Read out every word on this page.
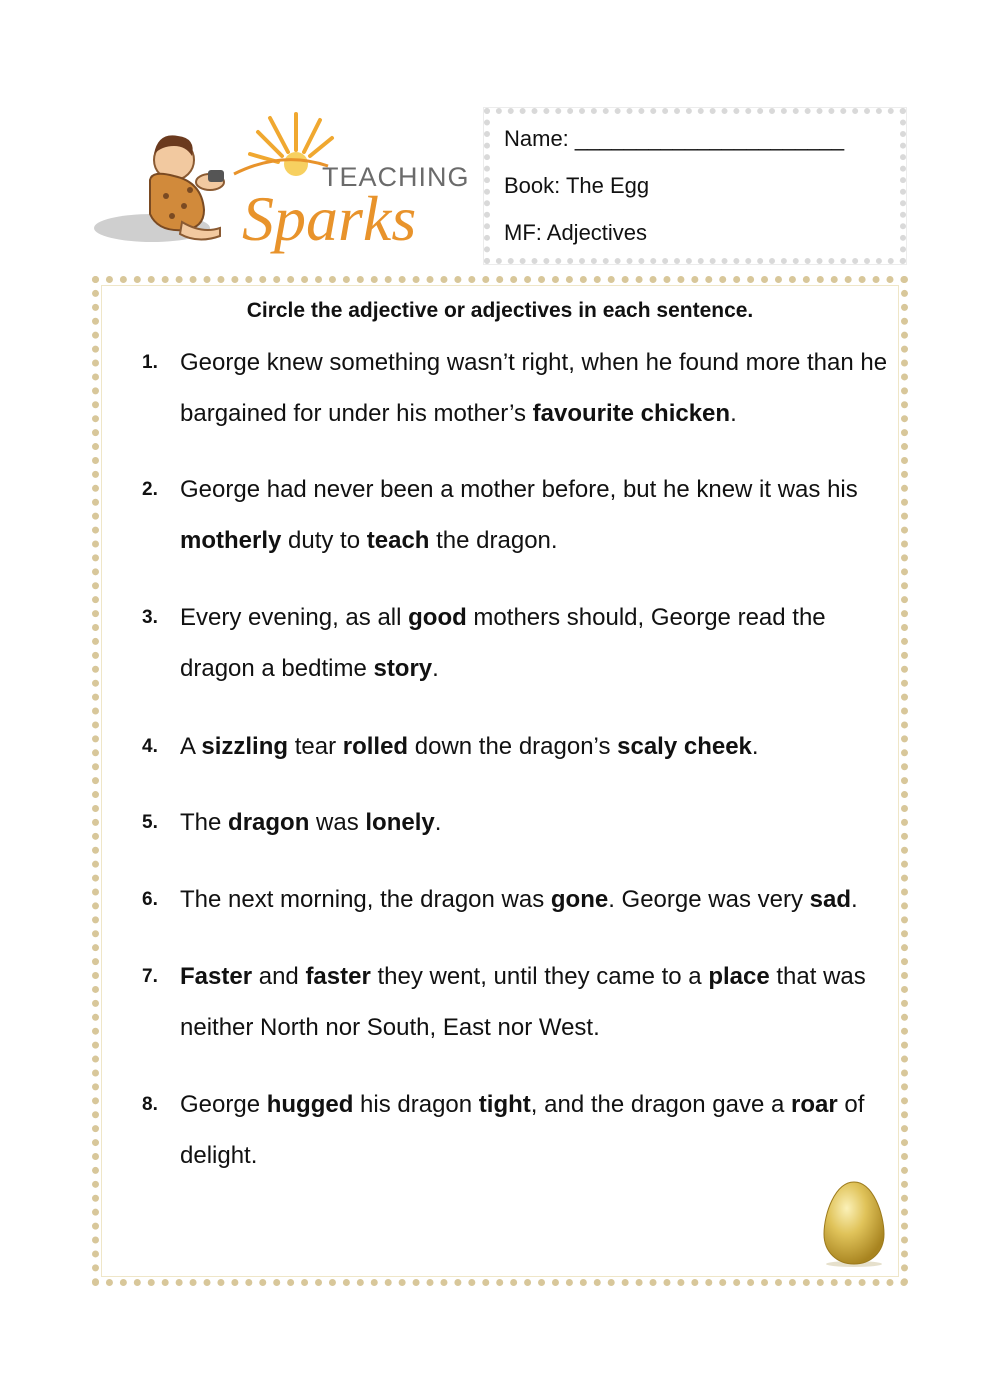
TEACHING
Sparks
Name: ______________________
Book: The Egg
MF: Adjectives
Circle the adjective or adjectives in each sentence.
1. George knew something wasn’t right, when he found more than he bargained for under his mother’s favourite chicken.
2. George had never been a mother before, but he knew it was his motherly duty to teach the dragon.
3. Every evening, as all good mothers should, George read the dragon a bedtime story.
4. A sizzling tear rolled down the dragon’s scaly cheek.
5. The dragon was lonely.
6. The next morning, the dragon was gone. George was very sad.
7. Faster and faster they went, until they came to a place that was neither North nor South, East nor West.
8. George hugged his dragon tight, and the dragon gave a roar of delight.
